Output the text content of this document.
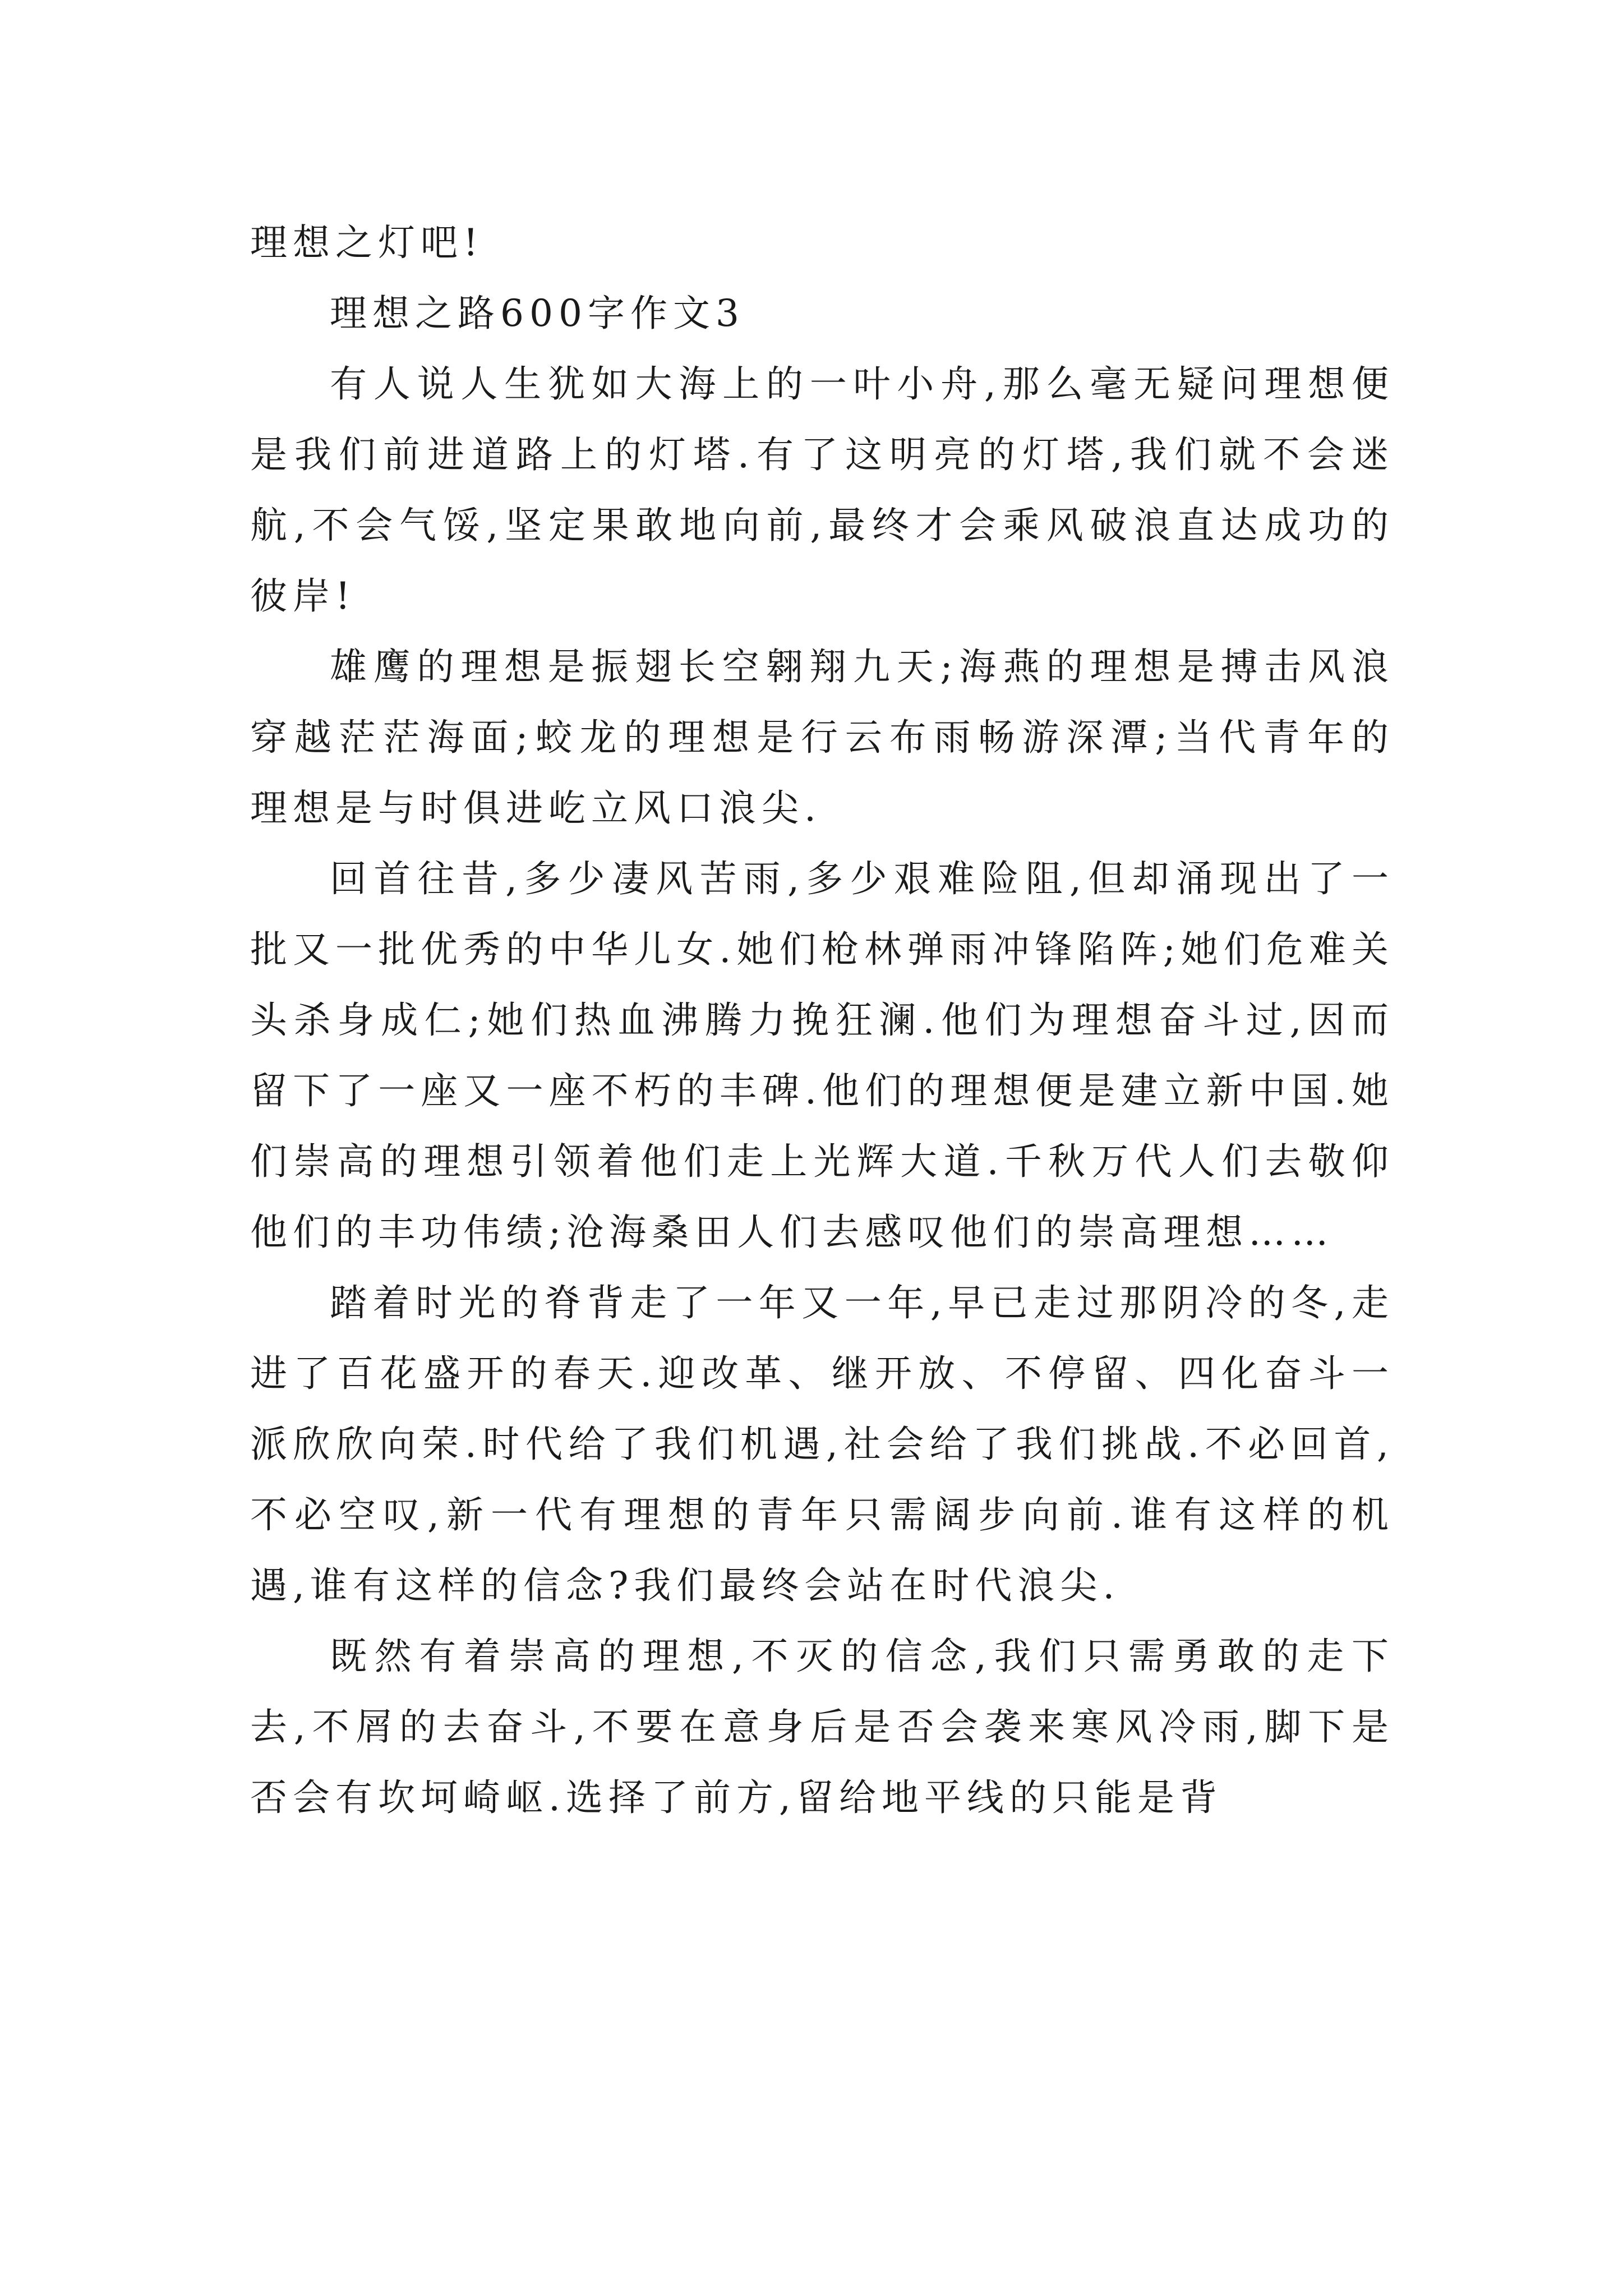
理想之灯吧!

理想之路600字作文3

有人说人生犹如大海上的一叶小舟,那么毫无疑问理想便是我们前进道路上的灯塔.有了这明亮的灯塔,我们就不会迷航,不会气馁,坚定果敢地向前,最终才会乘风破浪直达成功的彼岸!

雄鹰的理想是振翅长空翱翔九天;海燕的理想是搏击风浪穿越茫茫海面;蛟龙的理想是行云布雨畅游深潭;当代青年的理想是与时俱进屹立风口浪尖.

回首往昔,多少凄风苦雨,多少艰难险阻,但却涌现出了一批又一批优秀的中华儿女.她们枪林弹雨冲锋陷阵;她们危难关头杀身成仁;她们热血沸腾力挽狂澜.他们为理想奋斗过,因而留下了一座又一座不朽的丰碑.他们的理想便是建立新中国.她们崇高的理想引领着他们走上光辉大道.千秋万代人们去敬仰他们的丰功伟绩;沧海桑田人们去感叹他们的崇高理想……

踏着时光的脊背走了一年又一年,早已走过那阴冷的冬,走进了百花盛开的春天.迎改革、继开放、不停留、四化奋斗一派欣欣向荣.时代给了我们机遇,社会给了我们挑战.不必回首,不必空叹,新一代有理想的青年只需阔步向前.谁有这样的机遇,谁有这样的信念?我们最终会站在时代浪尖.

既然有着崇高的理想,不灭的信念,我们只需勇敢的走下去,不屑的去奋斗,不要在意身后是否会袭来寒风冷雨,脚下是否会有坎坷崎岖.选择了前方,留给地平线的只能是背
